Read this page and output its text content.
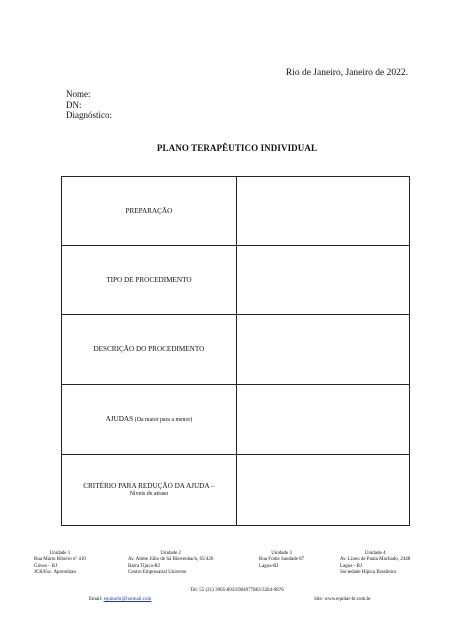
Rio de Janeiro, Janeiro de 2022.
Nome:
DN:
Diagnóstico:
PLANO TERAPÊUTICO INDIVIDUAL
PREPARAÇÃO	
TIPO DE PROCEDIMENTO	
DESCRIÇÃO DO PROCEDIMENTO	
AJUDAS (Da maior para a menor)	
CRITÉRIO PARA REDUÇÃO DA AJUDA –
Níveis de atraso	

Unidade 1
Rua Mário Ribeiro nº 410
Gávea – RJ
JCB/Esc. Aprendizes
Unidade 2
Av. Almte Júlio de Sá Bierrenbach, 65/420
Barra Tijuca-RJ
Centro Empresarial Universe
Unidade 3
Rua Fonte Saudade 87
Lagoa-RJ
Unidade 4
Av. Lineu de Paula Machado, 2448
Lagoa - RJ
Sociedade Hípica Brasileira
Tel: 55 (21) 3905-8933/964977883/3204-9876
Email: equitarbr@hotmail.com	Site: www.equitar-br.com.br
